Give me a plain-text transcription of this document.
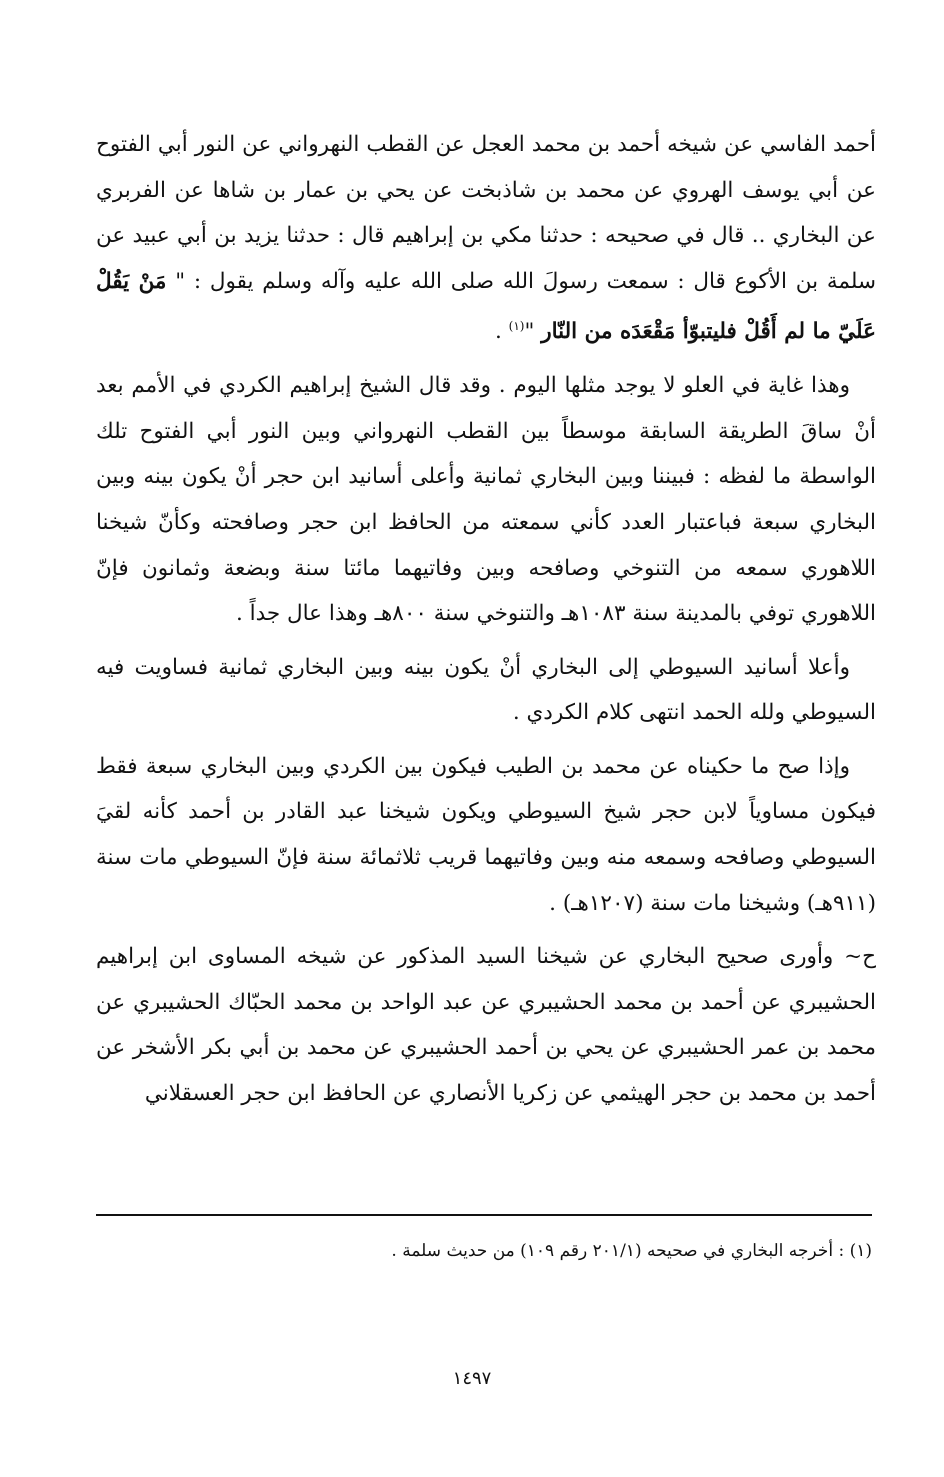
أحمد الفاسي عن شيخه أحمد بن محمد العجل عن القطب النهرواني عن النور أبي الفتوح عن أبي يوسف الهروي عن محمد بن شاذبخت عن يحي بن عمار بن شاها عن الفربري عن البخاري .. قال في صحيحه : حدثنا مكي بن إبراهيم قال : حدثنا يزيد بن أبي عبيد عن سلمة بن الأكوع قال : سمعت رسولَ الله صلى الله عليه وآله وسلم يقول : " مَنْ يَقُلْ عَلَيّ ما لم أَقُلْ فليتبوّأ مَقْعَدَه من النّار "$^{(١)}$ .

وهذا غاية في العلو لا يوجد مثلها اليوم . وقد قال الشيخ إبراهيم الكردي في الأمم بعد أنْ ساقَ الطريقة السابقة موسطاً بين القطب النهرواني وبين النور أبي الفتوح تلك الواسطة ما لفظه : فبيننا وبين البخاري ثمانية وأعلى أسانيد ابن حجر أنْ يكون بينه وبين البخاري سبعة فباعتبار العدد كأني سمعته من الحافظ ابن حجر وصافحته وكأنّ شيخنا اللاهوري سمعه من التنوخي وصافحه وبين وفاتيهما مائتا سنة وبضعة وثمانون فإنّ اللاهوري توفي بالمدينة سنة ١٠٨٣هـ والتنوخي سنة ٨٠٠هـ وهذا عال جداً .

وأعلا أسانيد السيوطي إلى البخاري أنْ يكون بينه وبين البخاري ثمانية فساويت فيه السيوطي ولله الحمد انتهى كلام الكردي .

وإذا صح ما حكيناه عن محمد بن الطيب فيكون بين الكردي وبين البخاري سبعة فقط فيكون مساوياً لابن حجر شيخ السيوطي ويكون شيخنا عبد القادر بن أحمد كأنه لقيَ السيوطي وصافحه وسمعه منه وبين وفاتيهما قريب ثلاثمائة سنة فإنّ السيوطي مات سنة (٩١١هـ) وشيخنا مات سنة (١٢٠٧هـ) .

ح~ وأورى صحيح البخاري عن شيخنا السيد المذكور عن شيخه المساوى ابن إبراهيم الحشيبري عن أحمد بن محمد الحشيبري عن عبد الواحد بن محمد الحبّاك الحشيبري عن محمد بن عمر الحشيبري عن يحي بن أحمد الحشيبري عن محمد بن أبي بكر الأشخر عن أحمد بن محمد بن حجر الهيثمي عن زكريا الأنصاري عن الحافظ ابن حجر العسقلاني

(١) : أخرجه البخاري في صحيحه (٢٠١/١ رقم ١٠٩) من حديث سلمة .
١٤٩٧
